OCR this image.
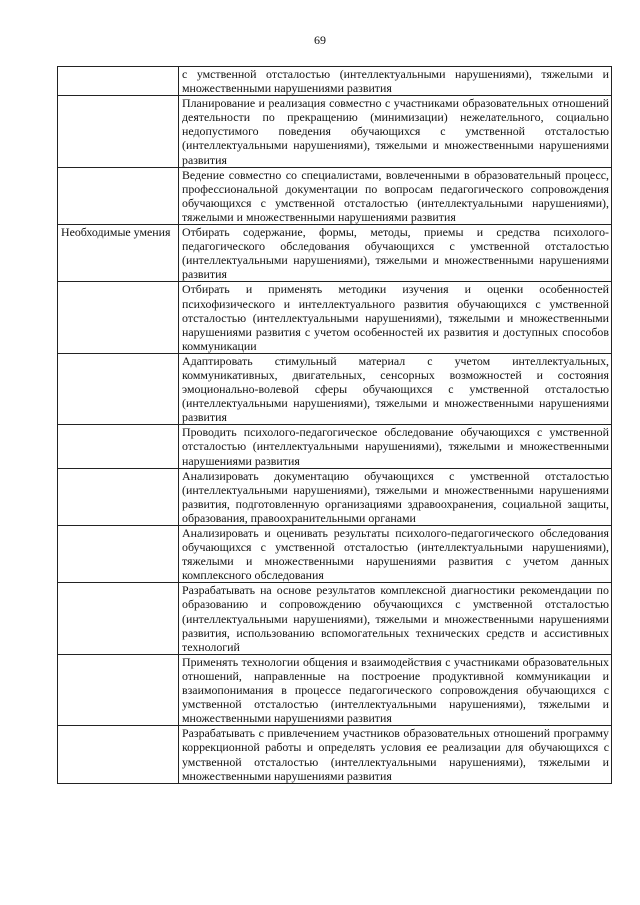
69
	с умственной отсталостью (интеллектуальными нарушениями), тяжелыми и множественными нарушениями развития
	Планирование и реализация совместно с участниками образовательных отношений деятельности по прекращению (минимизации) нежелательного, социально недопустимого поведения обучающихся с умственной отсталостью (интеллектуальными нарушениями), тяжелыми и множественными нарушениями развития
	Ведение совместно со специалистами, вовлеченными в образовательный процесс, профессиональной документации по вопросам педагогического сопровождения обучающихся с умственной отсталостью (интеллектуальными нарушениями), тяжелыми и множественными нарушениями развития
Необходимые умения	Отбирать содержание, формы, методы, приемы и средства психолого-педагогического обследования обучающихся с умственной отсталостью (интеллектуальными нарушениями), тяжелыми и множественными нарушениями развития
	Отбирать и применять методики изучения и оценки особенностей психофизического и интеллектуального развития обучающихся с умственной отсталостью (интеллектуальными нарушениями), тяжелыми и множественными нарушениями развития с учетом особенностей их развития и доступных способов коммуникации
	Адаптировать стимульный материал с учетом интеллектуальных, коммуникативных, двигательных, сенсорных возможностей и состояния эмоционально-волевой сферы обучающихся с умственной отсталостью (интеллектуальными нарушениями), тяжелыми и множественными нарушениями развития
	Проводить психолого-педагогическое обследование обучающихся с умственной отсталостью (интеллектуальными нарушениями), тяжелыми и множественными нарушениями развития
	Анализировать документацию обучающихся с умственной отсталостью (интеллектуальными нарушениями), тяжелыми и множественными нарушениями развития, подготовленную организациями здравоохранения, социальной защиты, образования, правоохранительными органами
	Анализировать и оценивать результаты психолого-педагогического обследования обучающихся с умственной отсталостью (интеллектуальными нарушениями), тяжелыми и множественными нарушениями развития с учетом данных комплексного обследования
	Разрабатывать на основе результатов комплексной диагностики рекомендации по образованию и сопровождению обучающихся с умственной отсталостью (интеллектуальными нарушениями), тяжелыми и множественными нарушениями развития, использованию вспомогательных технических средств и ассистивных технологий
	Применять технологии общения и взаимодействия с участниками образовательных отношений, направленные на построение продуктивной коммуникации и взаимопонимания в процессе педагогического сопровождения обучающихся с умственной отсталостью (интеллектуальными нарушениями), тяжелыми и множественными нарушениями развития
	Разрабатывать с привлечением участников образовательных отношений программу коррекционной работы и определять условия ее реализации для обучающихся с умственной отсталостью (интеллектуальными нарушениями), тяжелыми и множественными нарушениями развития
